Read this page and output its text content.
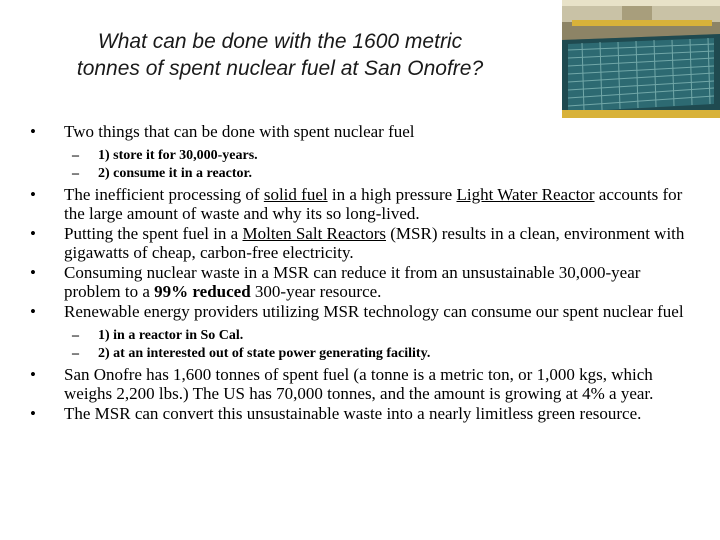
What can be done with the 1600 metric
tonnes of spent nuclear fuel at San Onofre?
•	Two things that can be done with spent nuclear fuel
– 1) store it for 30,000-years.
– 2) consume it in a reactor.
•	The inefficient processing of solid fuel in a high pressure Light Water Reactor accounts for the large amount of waste and why its so long-lived.
•	Putting the spent fuel in a Molten Salt Reactors (MSR) results in a clean, environment with gigawatts of cheap, carbon-free electricity.
•	Consuming nuclear waste in a MSR can reduce it from an unsustainable 30,000-year problem to a 99% reduced 300-year resource.
•	Renewable energy providers utilizing MSR technology can consume our spent nuclear fuel
– 1) in a reactor in So Cal.
– 2) at an interested out of state power generating facility.
•	San Onofre has 1,600 tonnes of spent fuel (a tonne is a metric ton, or 1,000 kgs, which weighs 2,200 lbs.) The US has 70,000 tonnes, and the amount is growing at 4% a year.
•	The MSR can convert this unsustainable waste into a nearly limitless green resource.
